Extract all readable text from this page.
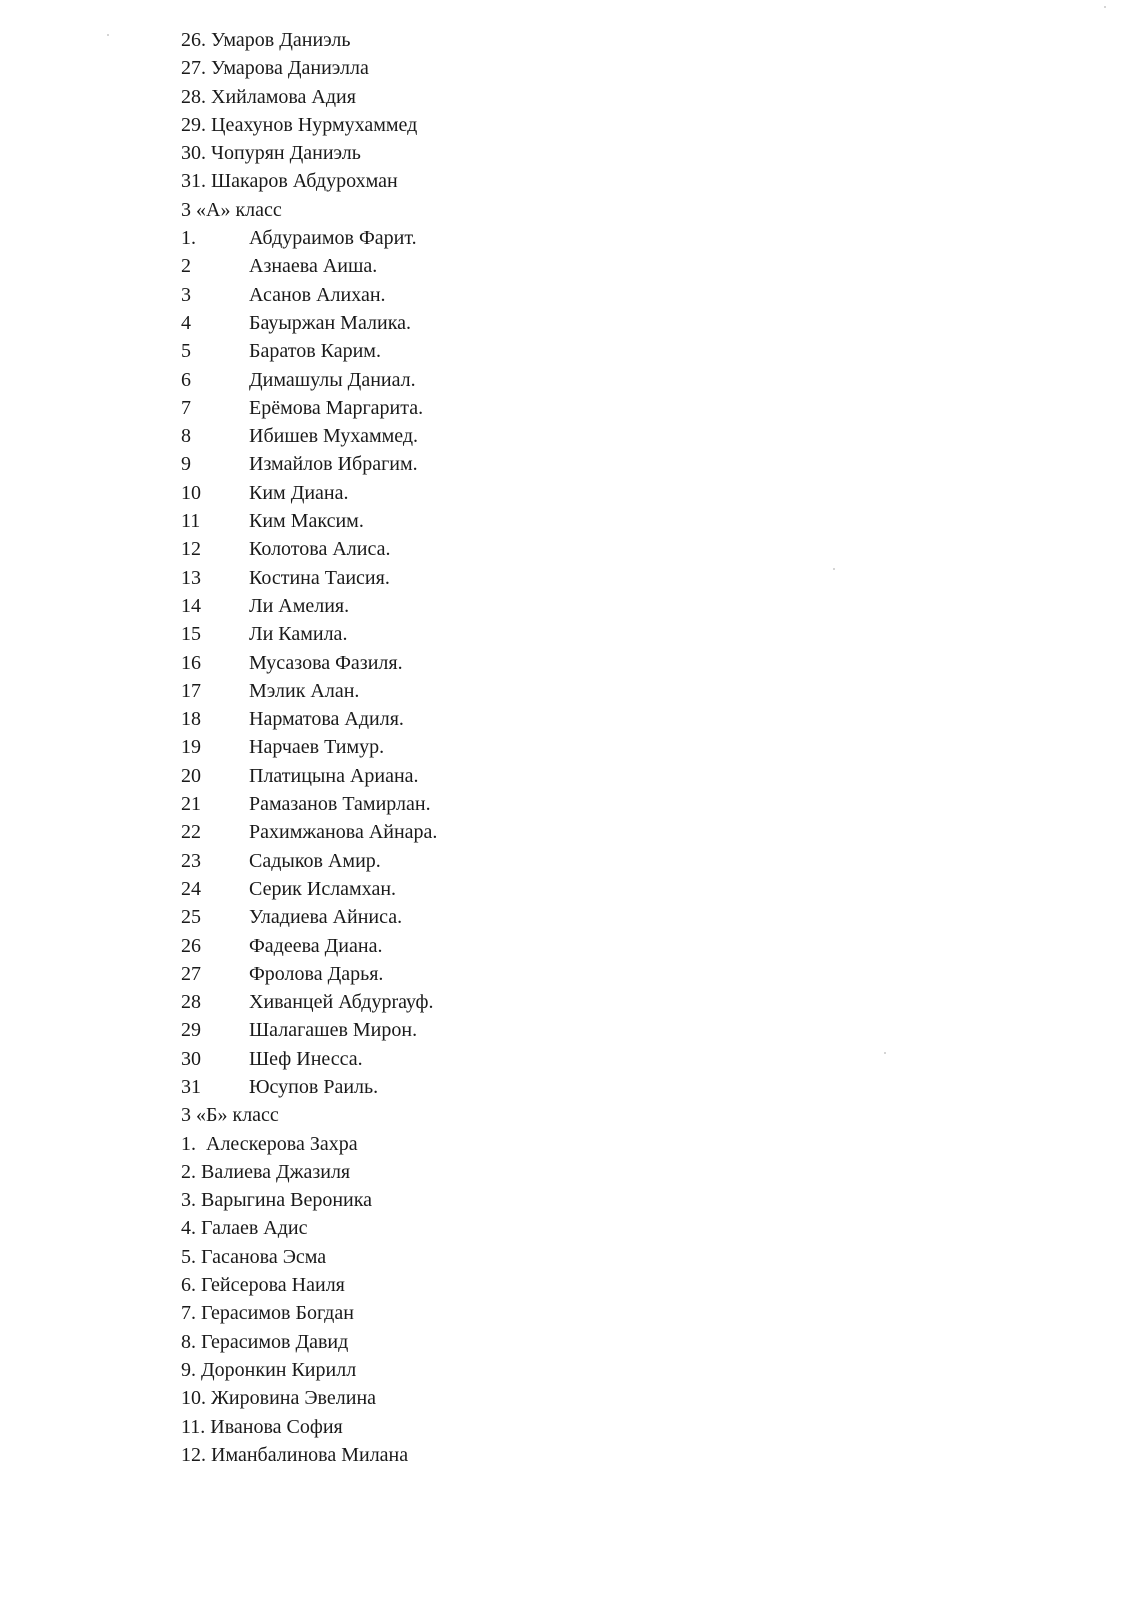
26. Умаров Даниэль
27. Умарова Даниэлла
28. Хийламова Адия
29. Цеахунов Нурмухаммед
30. Чопурян Даниэль
31. Шакаров Абдурохман
3 «А» класс
1.	Абдураимов Фарит.
2	Азнаева Аиша.
3	Асанов Алихан.
4	Бауыржан Малика.
5	Баратов Карим.
6	Димашулы Даниал.
7	Ерёмова Маргарита.
8	Ибишев Мухаммед.
9	Измайлов Ибрагим.
10 Ким Диана.
11 Ким Максим.
12 Колотова Алиса.
13 Костина Таисия.
14 Ли Амелия.
15 Ли Камила.
16 Мусазова Фазиля.
17 Мэлик Алан.
18 Нарматова Адиля.
19 Нарчаев Тимур.
20 Платицына Ариана.
21 Рамазанов Тамирлан.
22 Рахимжанова Айнара.
23 Садыков Амир.
24 Серик Исламхан.
25 Уладиева Айниса.
26 Фадеева Диана.
27 Фролова Дарья.
28 Хиванцей Абдурrауф.
29 Шалагашев Мирон.
30 Шеф Инесса.
31 Юсупов Раиль.
3 «Б» класс
1.  Алескерова Захра
2. Валиева Джазиля
3. Варыгина Вероника
4. Галаев Адис
5. Гасанова Эсма
6. Гейсерова Наиля
7. Герасимов Богдан
8. Герасимов Давид
9. Доронкин Кирилл
10. Жировина Эвелина
11. Иванова София
12. Иманбалинова Милана
